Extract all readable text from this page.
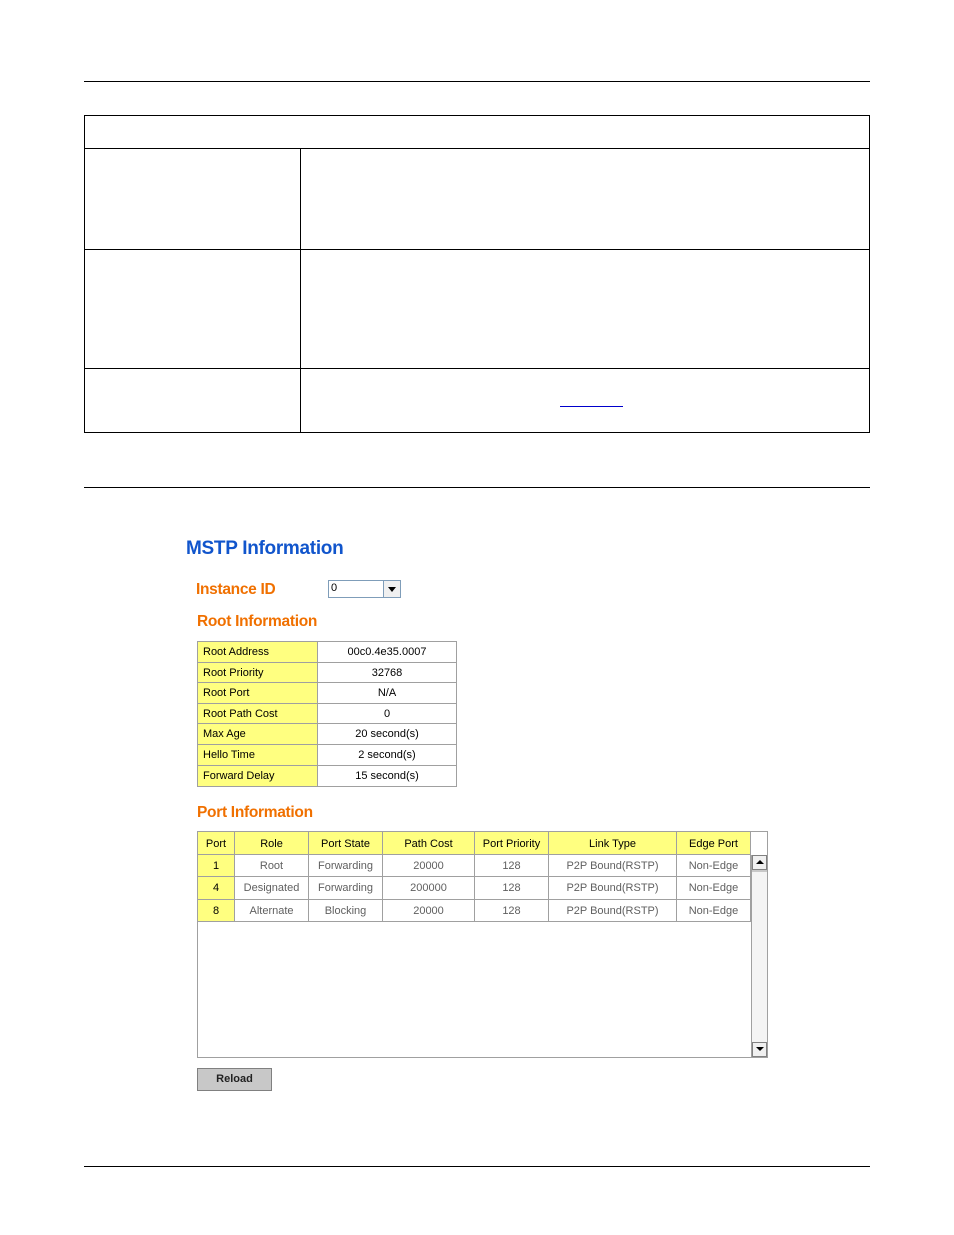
MSTP Information
Instance ID	0
Root Information
Root Address	00c0.4e35.0007
Root Priority	32768
Root Port	N/A
Root Path Cost	0
Max Age	20 second(s)
Hello Time	2 second(s)
Forward Delay	15 second(s)
Port Information
Port	Role	Port State	Path Cost	Port Priority	Link Type	Edge Port
1	Root	Forwarding	20000	128	P2P Bound(RSTP)	Non-Edge
4	Designated	Forwarding	200000	128	P2P Bound(RSTP)	Non-Edge
8	Alternate	Blocking	20000	128	P2P Bound(RSTP)	Non-Edge
Reload
